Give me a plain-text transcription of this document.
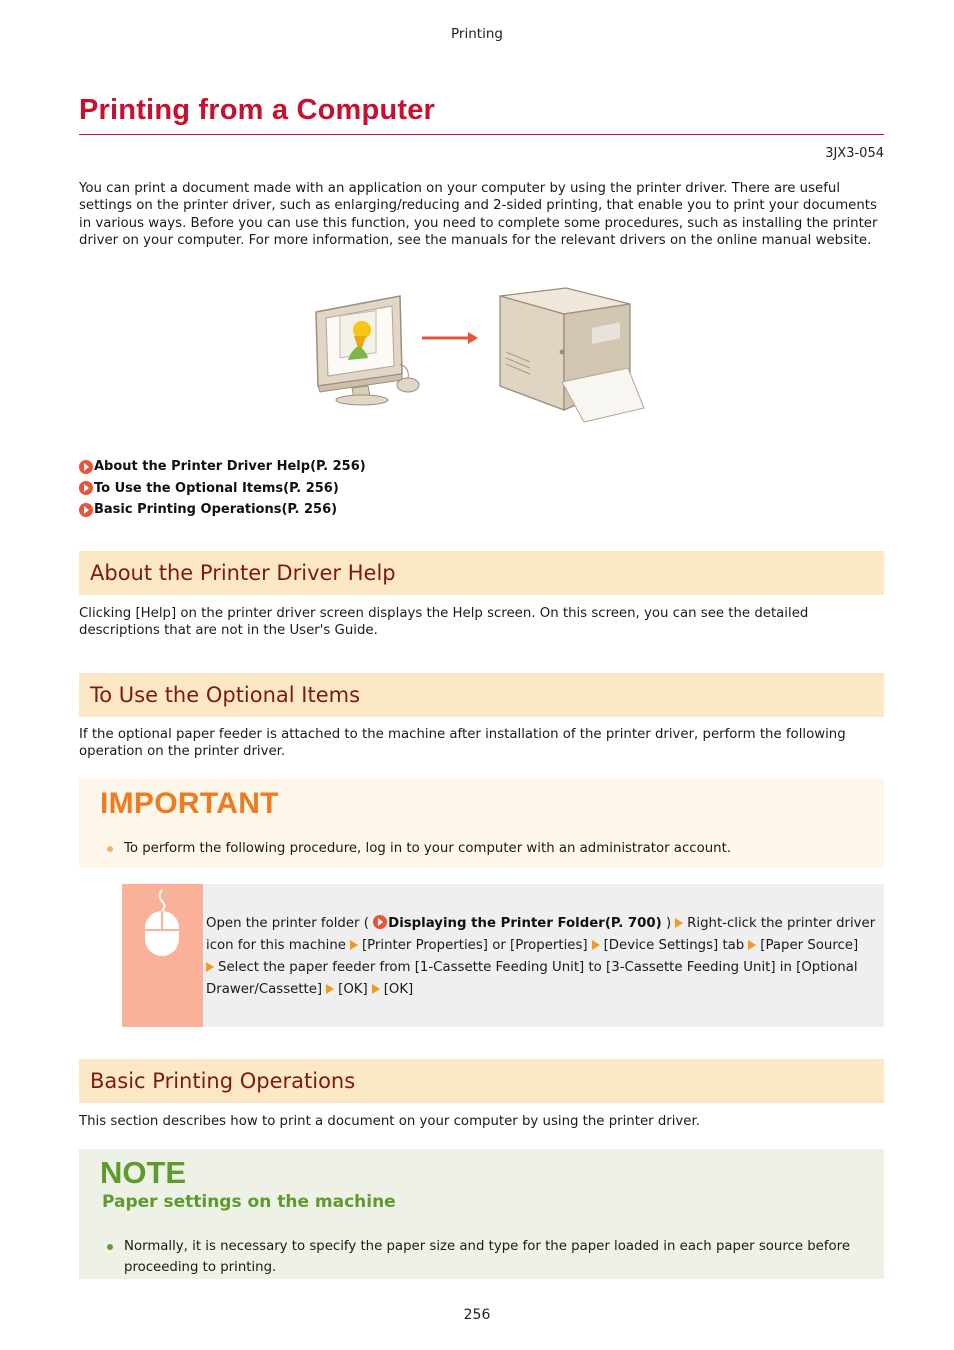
Printing
Printing from a Computer
3JX3-054

You can print a document made with an application on your computer by using the printer driver. There are useful settings on the printer driver, such as enlarging/reducing and 2-sided printing, that enable you to print your documents in various ways. Before you can use this function, you need to complete some procedures, such as installing the printer driver on your computer. For more information, see the manuals for the relevant drivers on the online manual website.

About the Printer Driver Help(P. 256)
To Use the Optional Items(P. 256)
Basic Printing Operations(P. 256)
About the Printer Driver Help

Clicking [Help] on the printer driver screen displays the Help screen. On this screen, you can see the detailed descriptions that are not in the User's Guide.

To Use the Optional Items

If the optional paper feeder is attached to the machine after installation of the printer driver, perform the following operation on the printer driver.

IMPORTANT
To perform the following procedure, log in to your computer with an administrator account.
Open the printer folder ( Displaying the Printer Folder(P. 700) ) Right-click the printer driver icon for this machine [Printer Properties] or [Properties] [Device Settings] tab [Paper Source]
Select the paper feeder from [1-Cassette Feeding Unit] to [3-Cassette Feeding Unit] in [Optional Drawer/Cassette] [OK] [OK]
Basic Printing Operations

This section describes how to print a document on your computer by using the printer driver.

NOTE
Paper settings on the machine
Normally, it is necessary to specify the paper size and type for the paper loaded in each paper source before proceeding to printing.
256
